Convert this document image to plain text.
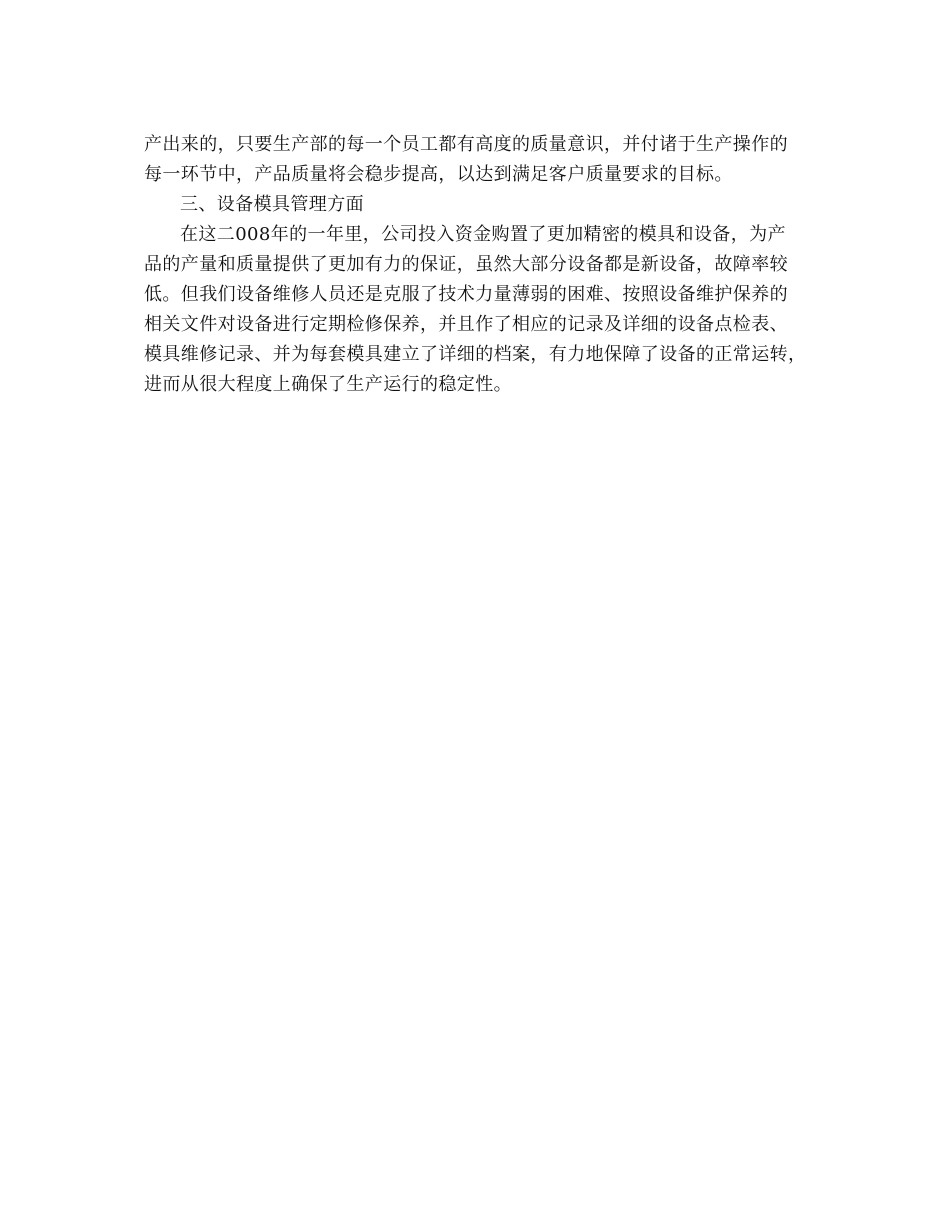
产出来的，只要生产部的每一个员工都有高度的质量意识，并付诸于生产操作的
每一环节中，产品质量将会稳步提高，以达到满足客户质量要求的目标。
三、设备模具管理方面
在这二008年的一年里，公司投入资金购置了更加精密的模具和设备，为产
品的产量和质量提供了更加有力的保证，虽然大部分设备都是新设备，故障率较
低。但我们设备维修人员还是克服了技术力量薄弱的困难、按照设备维护保养的
相关文件对设备进行定期检修保养，并且作了相应的记录及详细的设备点检表、
模具维修记录、并为每套模具建立了详细的档案，有力地保障了设备的正常运转，
进而从很大程度上确保了生产运行的稳定性。
